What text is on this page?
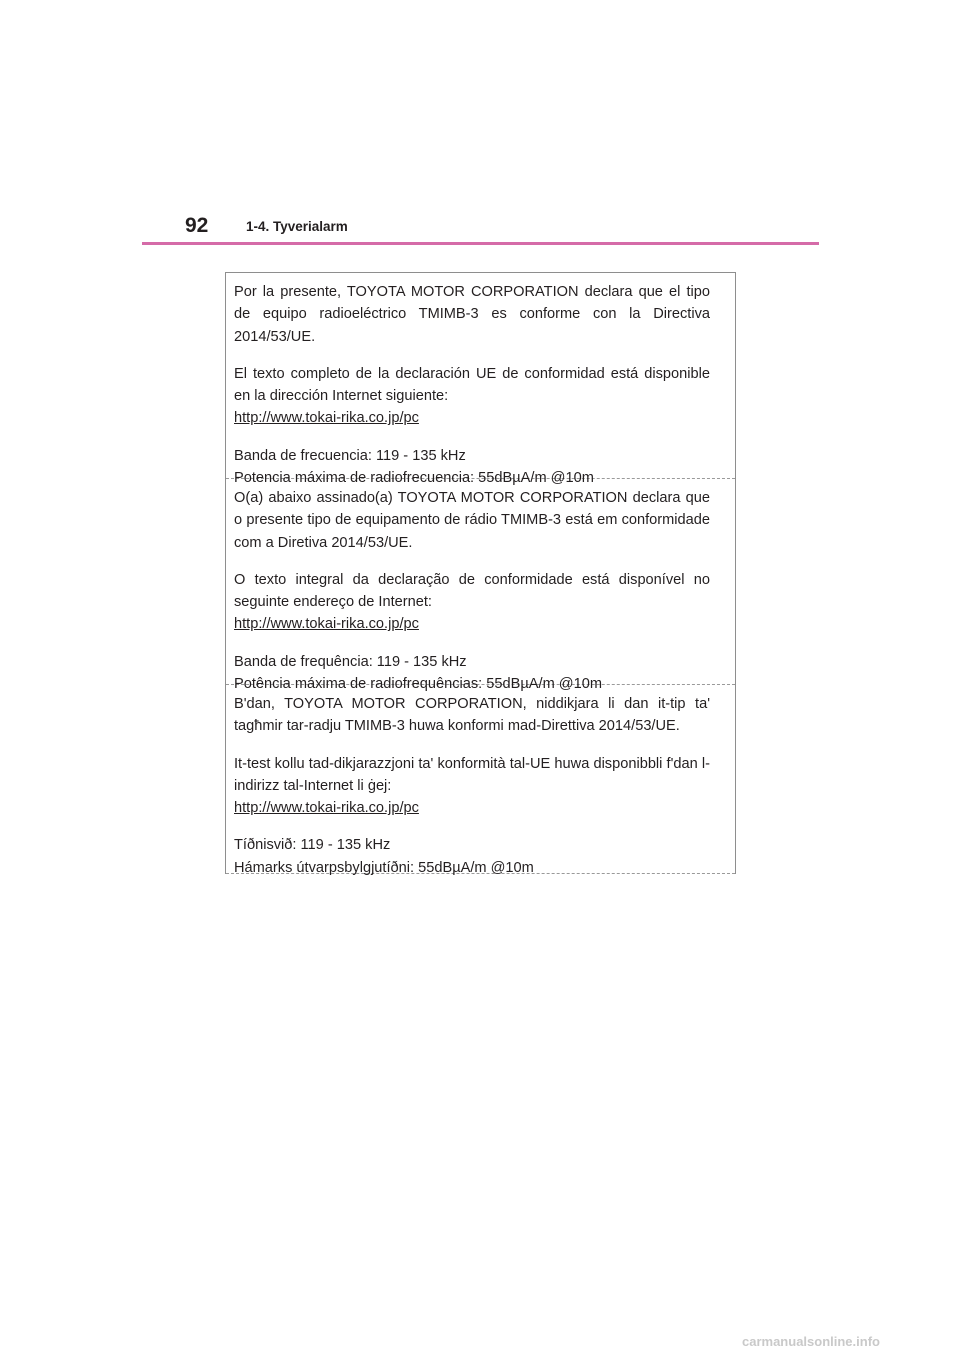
92	1-4. Tyverialarm

Por la presente, TOYOTA MOTOR CORPORATION declara que el tipo de equipo radioeléctrico TMIMB-3 es conforme con la Directiva 2014/53/UE.

El texto completo de la declaración UE de conformidad está disponible en la dirección Internet siguiente:
http://www.tokai-rika.co.jp/pc

Banda de frecuencia: 119 - 135 kHz
Potencia máxima de radiofrecuencia: 55dBµA/m @10m

O(a) abaixo assinado(a) TOYOTA MOTOR CORPORATION declara que o presente tipo de equipamento de rádio TMIMB-3 está em conformidade com a Diretiva 2014/53/UE.

O texto integral da declaração de conformidade está disponível no seguinte endereço de Internet:
http://www.tokai-rika.co.jp/pc

Banda de frequência: 119 - 135 kHz
Potência máxima de radiofrequências: 55dBµA/m @10m

B'dan, TOYOTA MOTOR CORPORATION, niddikjara li dan it-tip ta' tagħmir tar-radju TMIMB-3 huwa konformi mad-Direttiva 2014/53/UE.

It-test kollu tad-dikjarazzjoni ta' konformità tal-UE huwa disponibbli f'dan l-indirizz tal-Internet li ġej:
http://www.tokai-rika.co.jp/pc

Tíðnisvið: 119 - 135 kHz
Hámarks útvarpsbylgjutíðni: 55dBµA/m @10m

carmanualsonline.info
